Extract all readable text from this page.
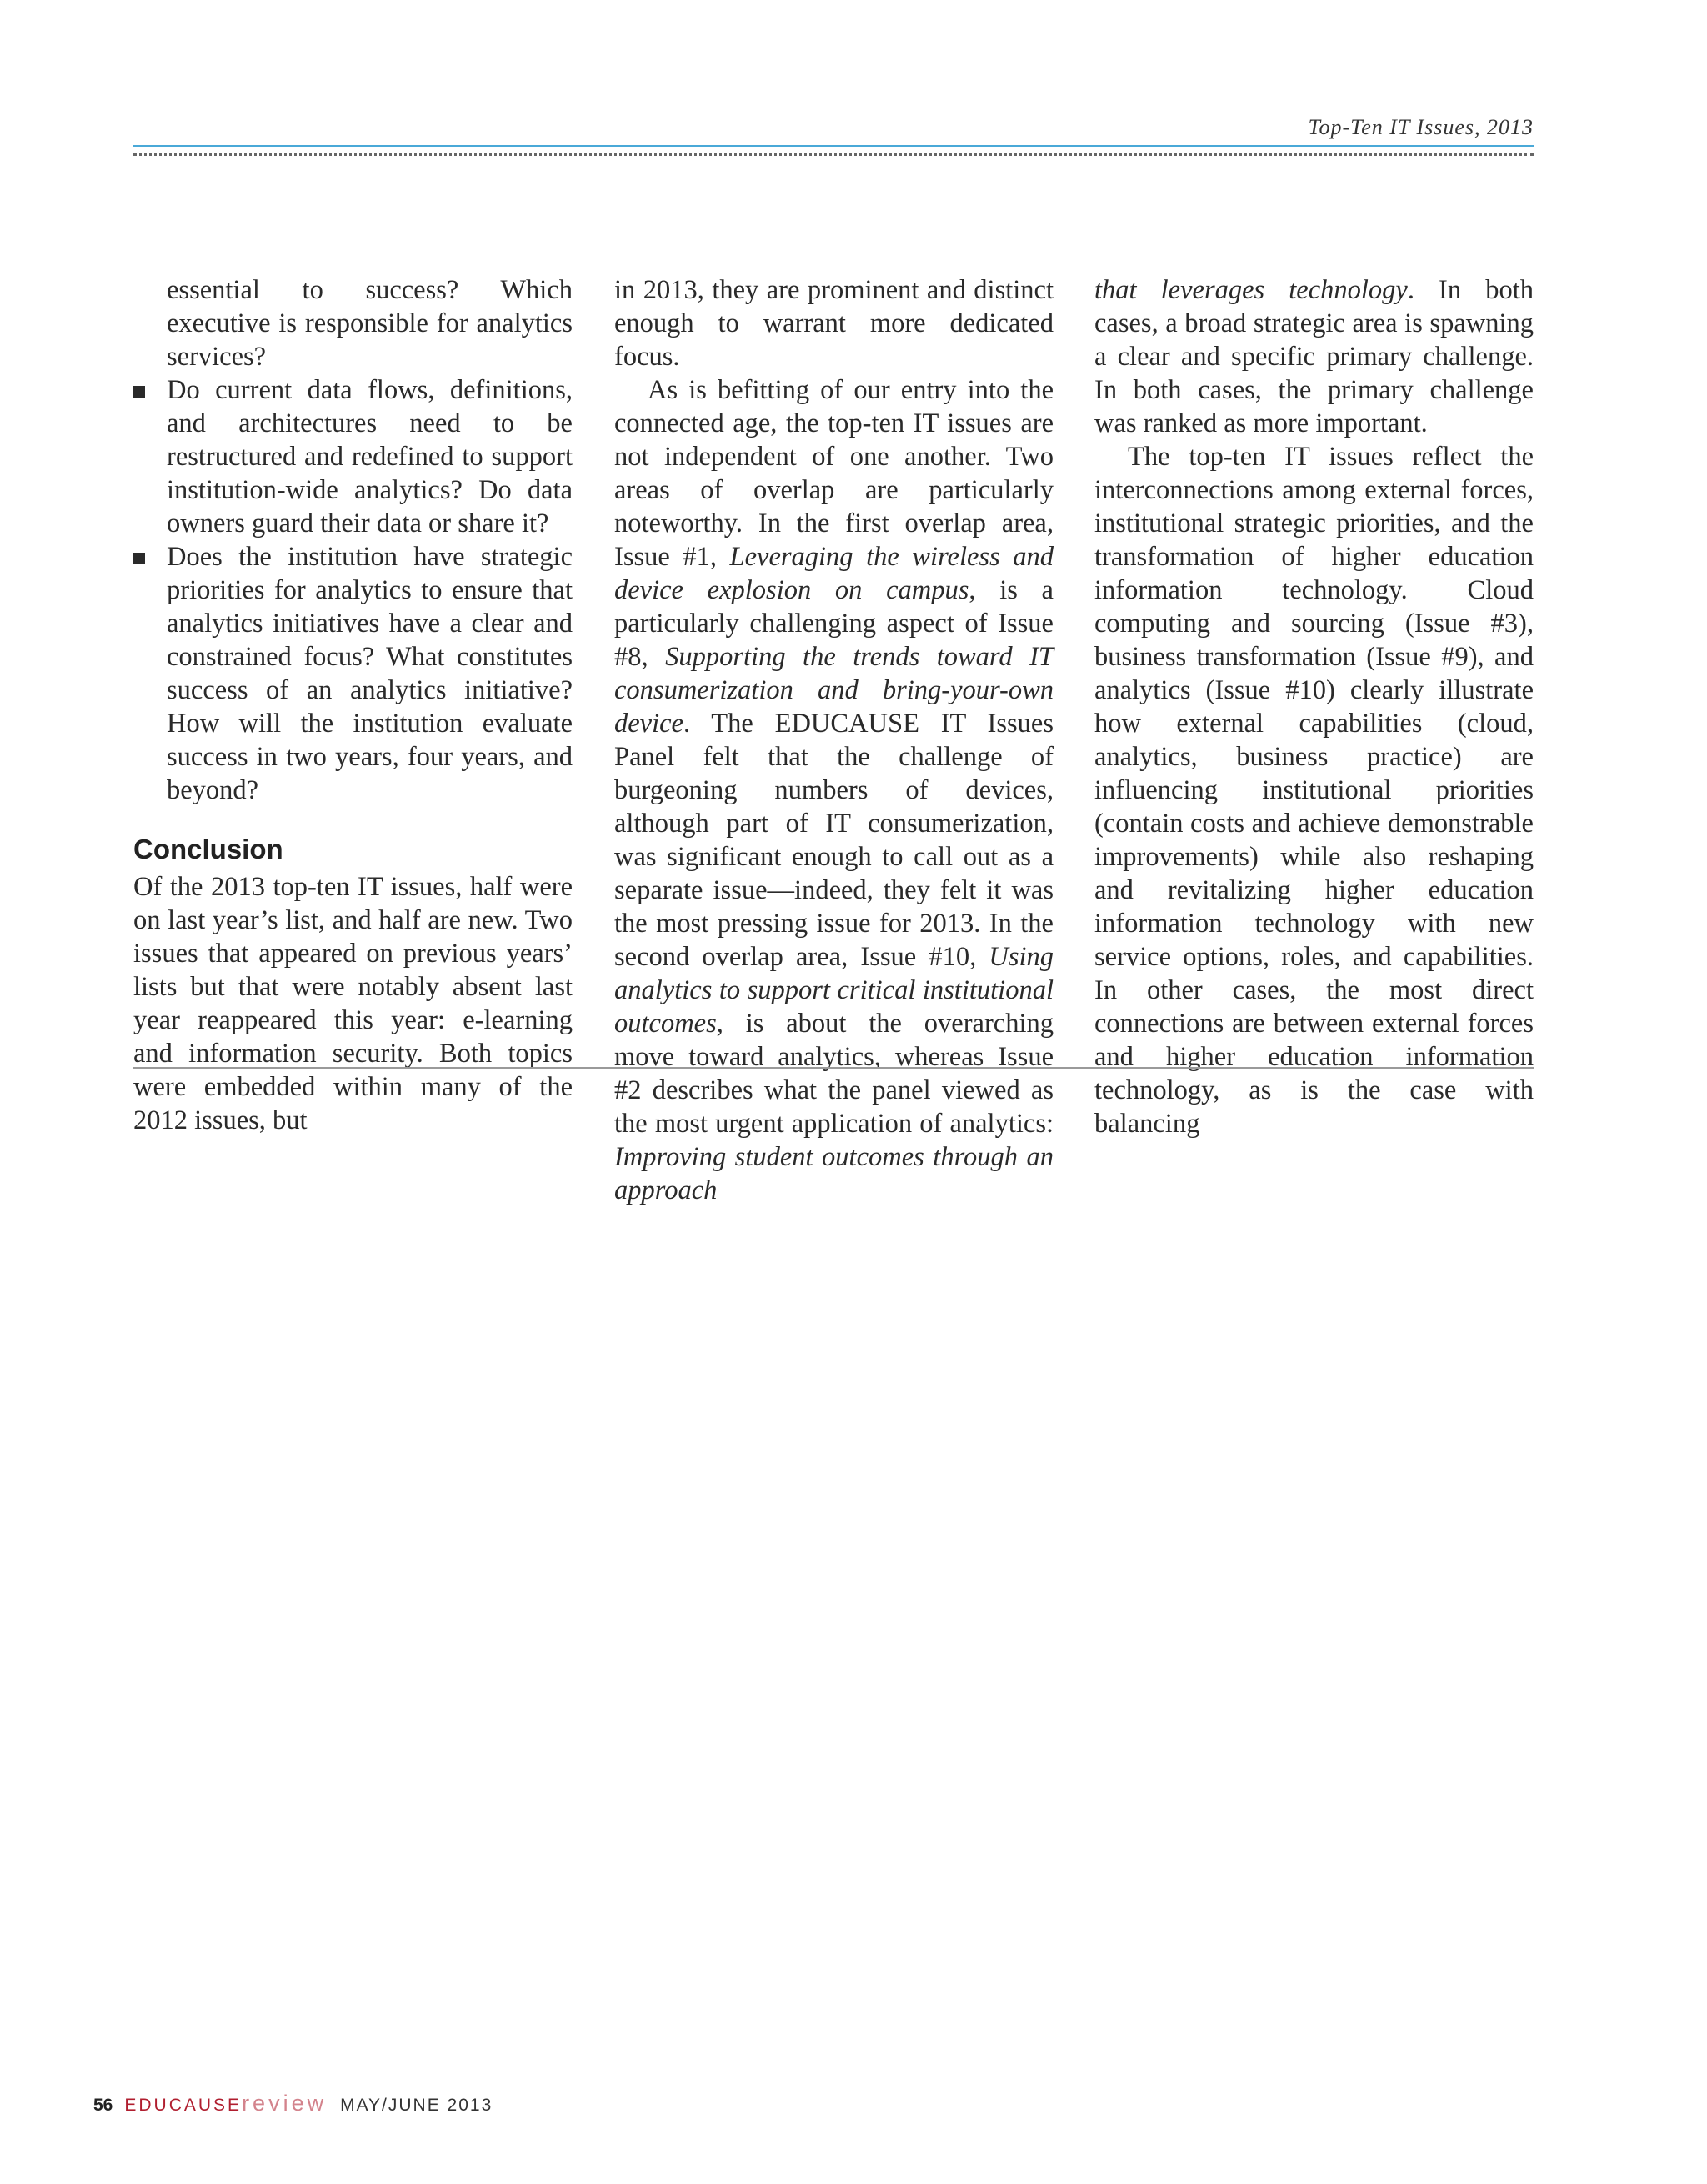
Top-Ten IT Issues, 2013

essential to success? Which executive is responsible for analytics services?

Do current data flows, definitions, and architectures need to be restructured and redefined to support institution-wide analytics? Do data owners guard their data or share it?
Does the institution have strategic priorities for analytics to ensure that analytics initiatives have a clear and constrained focus? What constitutes success of an analytics initiative? How will the institution evaluate success in two years, four years, and beyond?
Conclusion

Of the 2013 top-ten IT issues, half were on last year’s list, and half are new. Two issues that appeared on previous years’ lists but that were notably absent last year reappeared this year: e-learning and information security. Both topics were embedded within many of the 2012 issues, but

in 2013, they are prominent and distinct enough to warrant more dedicated focus.

As is befitting of our entry into the connected age, the top-ten IT issues are not independent of one another. Two areas of overlap are particularly noteworthy. In the first overlap area, Issue #1, Leveraging the wireless and device explosion on campus, is a particularly challenging aspect of Issue #8, Supporting the trends toward IT consumerization and bring-your-own device. The EDUCAUSE IT Issues Panel felt that the challenge of burgeoning numbers of devices, although part of IT consumerization, was significant enough to call out as a separate issue—indeed, they felt it was the most pressing issue for 2013. In the second overlap area, Issue #10, Using analytics to support critical institutional outcomes, is about the overarching move toward analytics, whereas Issue #2 describes what the panel viewed as the most urgent application of analytics: Improving student outcomes through an approach

that leverages technology. In both cases, a broad strategic area is spawning a clear and specific primary challenge. In both cases, the primary challenge was ranked as more important.

The top-ten IT issues reflect the interconnections among external forces, institutional strategic priorities, and the transformation of higher education information technology. Cloud computing and sourcing (Issue #3), business transformation (Issue #9), and analytics (Issue #10) clearly illustrate how external capabilities (cloud, analytics, business practice) are influencing institutional priorities (contain costs and achieve demonstrable improvements) while also reshaping and revitalizing higher education information technology with new service options, roles, and capabilities. In other cases, the most direct connections are between external forces and higher education information technology, as is the case with balancing

56 EDUCAUSEreview MAY/JUNE 2013
